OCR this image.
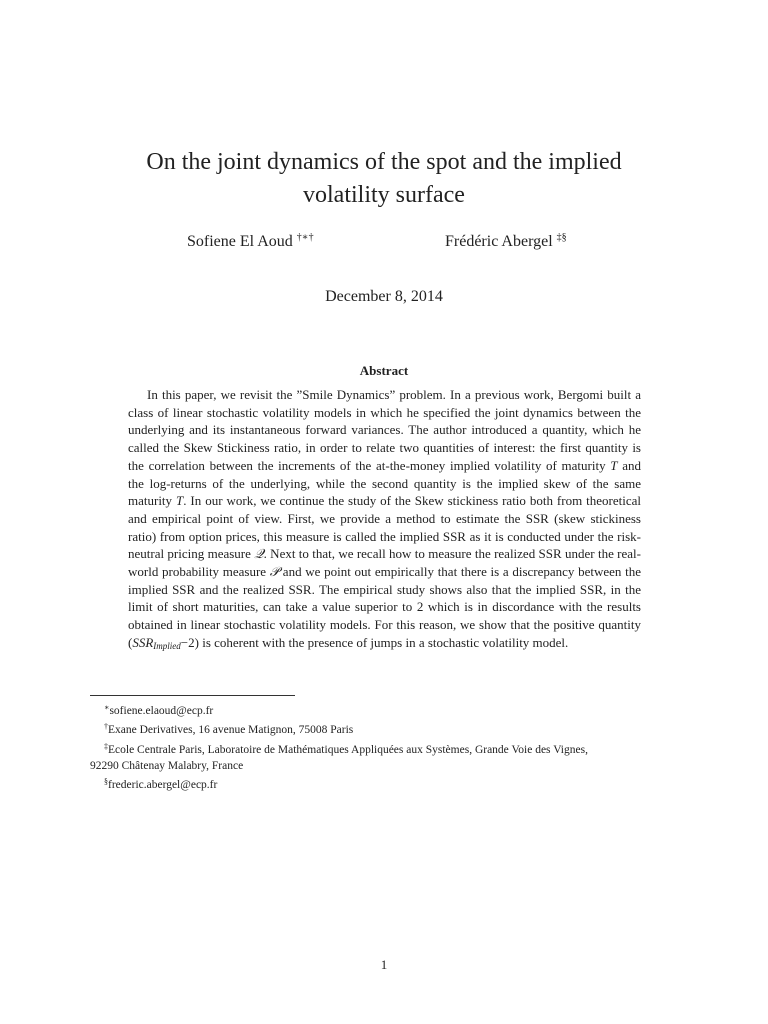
On the joint dynamics of the spot and the implied
volatility surface
Sofiene El Aoud †∗†	Frédéric Abergel ‡§
December 8, 2014
Abstract

In this paper, we revisit the ”Smile Dynamics” problem. In a previous work, Bergomi built a class of linear stochastic volatility models in which he specified the joint dynamics between the underlying and its instantaneous forward variances. The author introduced a quantity, which he called the Skew Stickiness ratio, in order to relate two quantities of interest: the first quantity is the correlation between the increments of the at-the-money implied volatility of maturity T and the log-returns of the underlying, while the second quantity is the implied skew of the same maturity T. In our work, we continue the study of the Skew stickiness ratio both from theoretical and empirical point of view. First, we provide a method to estimate the SSR (skew stickiness ratio) from option prices, this measure is called the implied SSR as it is conducted under the risk-neutral pricing measure 𝒬. Next to that, we recall how to measure the realized SSR under the real-world probability measure 𝒫 and we point out empirically that there is a discrepancy between the implied SSR and the realized SSR. The empirical study shows also that the implied SSR, in the limit of short maturities, can take a value superior to 2 which is in discordance with the results obtained in linear stochastic volatility models. For this reason, we show that the positive quantity $(SSR_{Implied}-2)$ is coherent with the presence of jumps in a stochastic volatility model.

∗sofiene.elaoud@ecp.fr

†Exane Derivatives, 16 avenue Matignon, 75008 Paris

‡Ecole Centrale Paris, Laboratoire de Mathématiques Appliquées aux Systèmes, Grande Voie des Vignes,

92290 Châtenay Malabry, France

§frederic.abergel@ecp.fr

1
